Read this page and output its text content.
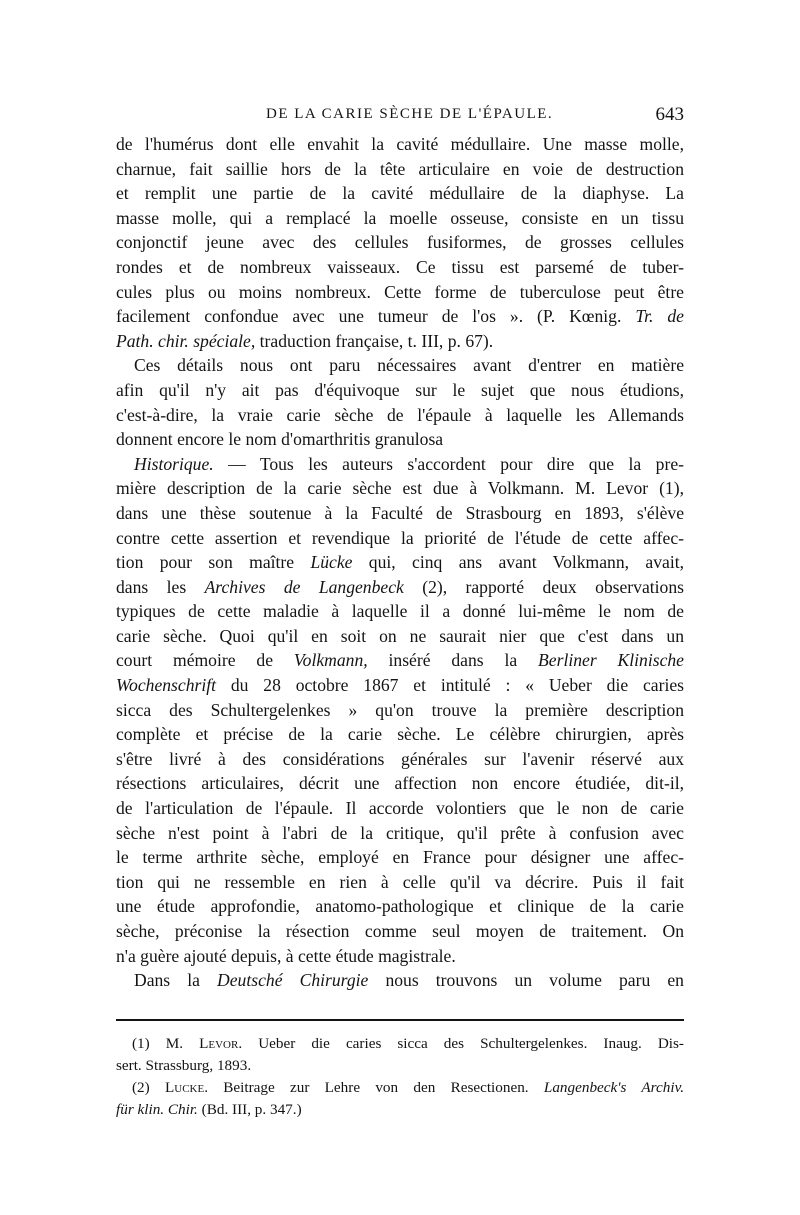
DE LA CARIE SÈCHE DE L'ÉPAULE.	643

de l'humérus dont elle envahit la cavité médullaire. Une masse molle,
charnue, fait saillie hors de la tête articulaire en voie de destruction
et remplit une partie de la cavité médullaire de la diaphyse. La
masse molle, qui a remplacé la moelle osseuse, consiste en un tissu
conjonctif jeune avec des cellules fusiformes, de grosses cellules
rondes et de nombreux vaisseaux. Ce tissu est parsemé de tuber-
cules plus ou moins nombreux. Cette forme de tuberculose peut être
facilement confondue avec une tumeur de l'os ». (P. Kœnig. Tr. de
Path. chir. spéciale, traduction française, t. III, p. 67).

Ces détails nous ont paru nécessaires avant d'entrer en matière
afin qu'il n'y ait pas d'équivoque sur le sujet que nous étudions,
c'est-à-dire, la vraie carie sèche de l'épaule à laquelle les Allemands
donnent encore le nom d'omarthritis granulosa

Historique. — Tous les auteurs s'accordent pour dire que la pre-
mière description de la carie sèche est due à Volkmann. M. Levor (1),
dans une thèse soutenue à la Faculté de Strasbourg en 1893, s'élève
contre cette assertion et revendique la priorité de l'étude de cette affec-
tion pour son maître Lücke qui, cinq ans avant Volkmann, avait,
dans les Archives de Langenbeck (2), rapporté deux observations
typiques de cette maladie à laquelle il a donné lui-même le nom de
carie sèche. Quoi qu'il en soit on ne saurait nier que c'est dans un
court mémoire de Volkmann, inséré dans la Berliner Klinische
Wochenschrift du 28 octobre 1867 et intitulé : « Ueber die caries
sicca des Schultergelenkes » qu'on trouve la première description
complète et précise de la carie sèche. Le célèbre chirurgien, après
s'être livré à des considérations générales sur l'avenir réservé aux
résections articulaires, décrit une affection non encore étudiée, dit-il,
de l'articulation de l'épaule. Il accorde volontiers que le non de carie
sèche n'est point à l'abri de la critique, qu'il prête à confusion avec
le terme arthrite sèche, employé en France pour désigner une affec-
tion qui ne ressemble en rien à celle qu'il va décrire. Puis il fait
une étude approfondie, anatomo-pathologique et clinique de la carie
sèche, préconise la résection comme seul moyen de traitement. On
n'a guère ajouté depuis, à cette étude magistrale.

Dans la Deutsché Chirurgie nous trouvons un volume paru en

(1) M. Levor. Ueber die caries sicca des Schultergelenkes. Inaug. Dis-
sert. Strassburg, 1893.
(2) Lucke. Beitrage zur Lehre von den Resectionen. Langenbeck's Archiv.
für klin. Chir. (Bd. III, p. 347.)
